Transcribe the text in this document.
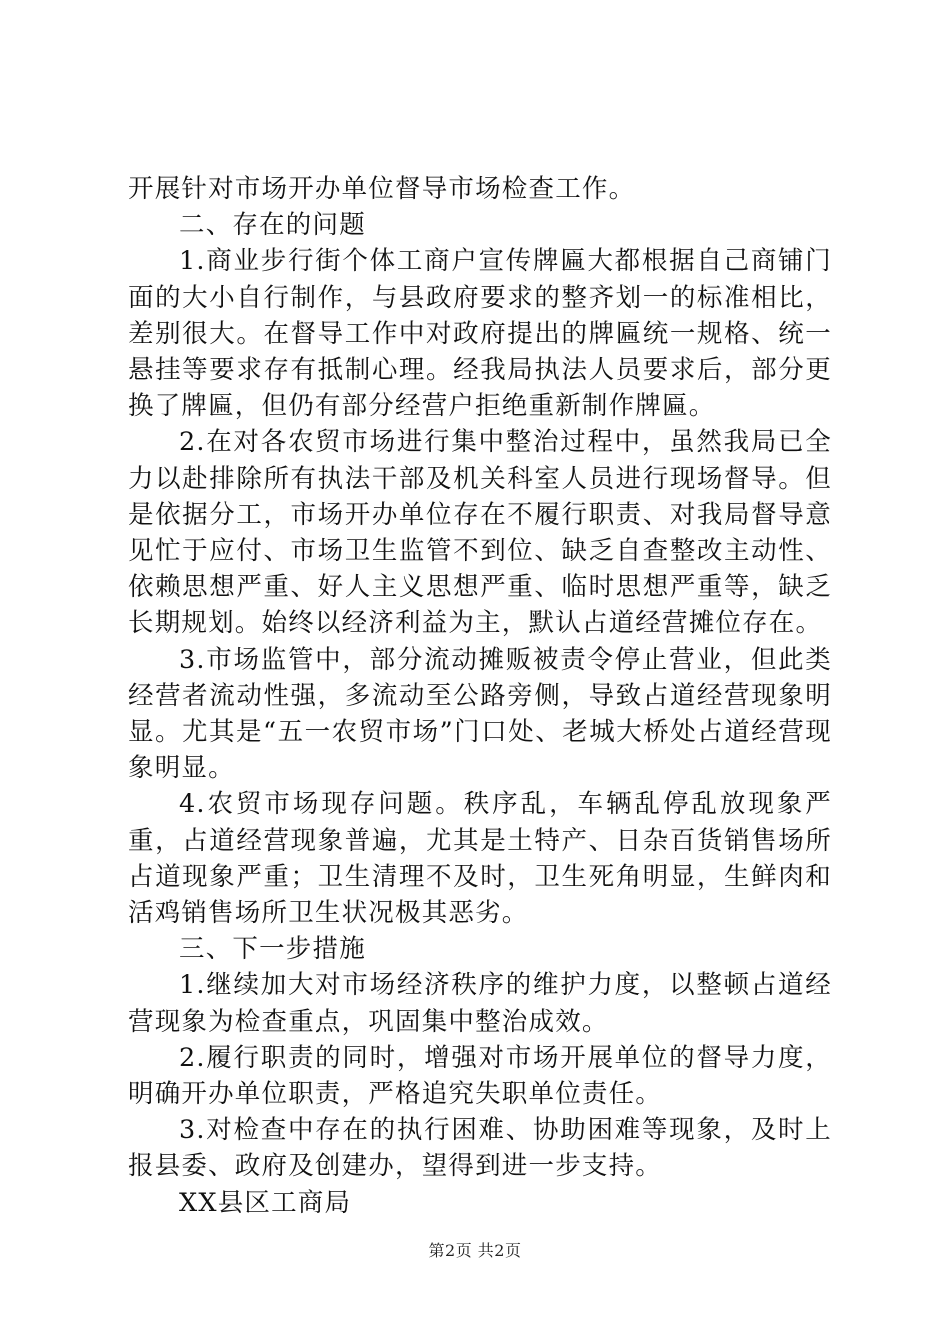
开展针对市场开办单位督导市场检查工作。

二、存在的问题

1.商业步行街个体工商户宣传牌匾大都根据自己商铺门面的大小自行制作，与县政府要求的整齐划一的标准相比，差别很大。在督导工作中对政府提出的牌匾统一规格、统一悬挂等要求存有抵制心理。经我局执法人员要求后，部分更换了牌匾，但仍有部分经营户拒绝重新制作牌匾。

2.在对各农贸市场进行集中整治过程中，虽然我局已全力以赴排除所有执法干部及机关科室人员进行现场督导。但是依据分工，市场开办单位存在不履行职责、对我局督导意见忙于应付、市场卫生监管不到位、缺乏自查整改主动性、依赖思想严重、好人主义思想严重、临时思想严重等，缺乏长期规划。始终以经济利益为主，默认占道经营摊位存在。

3.市场监管中，部分流动摊贩被责令停止营业，但此类经营者流动性强，多流动至公路旁侧，导致占道经营现象明显。尤其是“五一农贸市场”门口处、老城大桥处占道经营现象明显。

4.农贸市场现存问题。秩序乱，车辆乱停乱放现象严重，占道经营现象普遍，尤其是土特产、日杂百货销售场所占道现象严重；卫生清理不及时，卫生死角明显，生鲜肉和活鸡销售场所卫生状况极其恶劣。

三、下一步措施

1.继续加大对市场经济秩序的维护力度，以整顿占道经营现象为检查重点，巩固集中整治成效。

2.履行职责的同时，增强对市场开展单位的督导力度，明确开办单位职责，严格追究失职单位责任。

3.对检查中存在的执行困难、协助困难等现象，及时上报县委、政府及创建办，望得到进一步支持。

XX县区工商局

第2页 共2页
